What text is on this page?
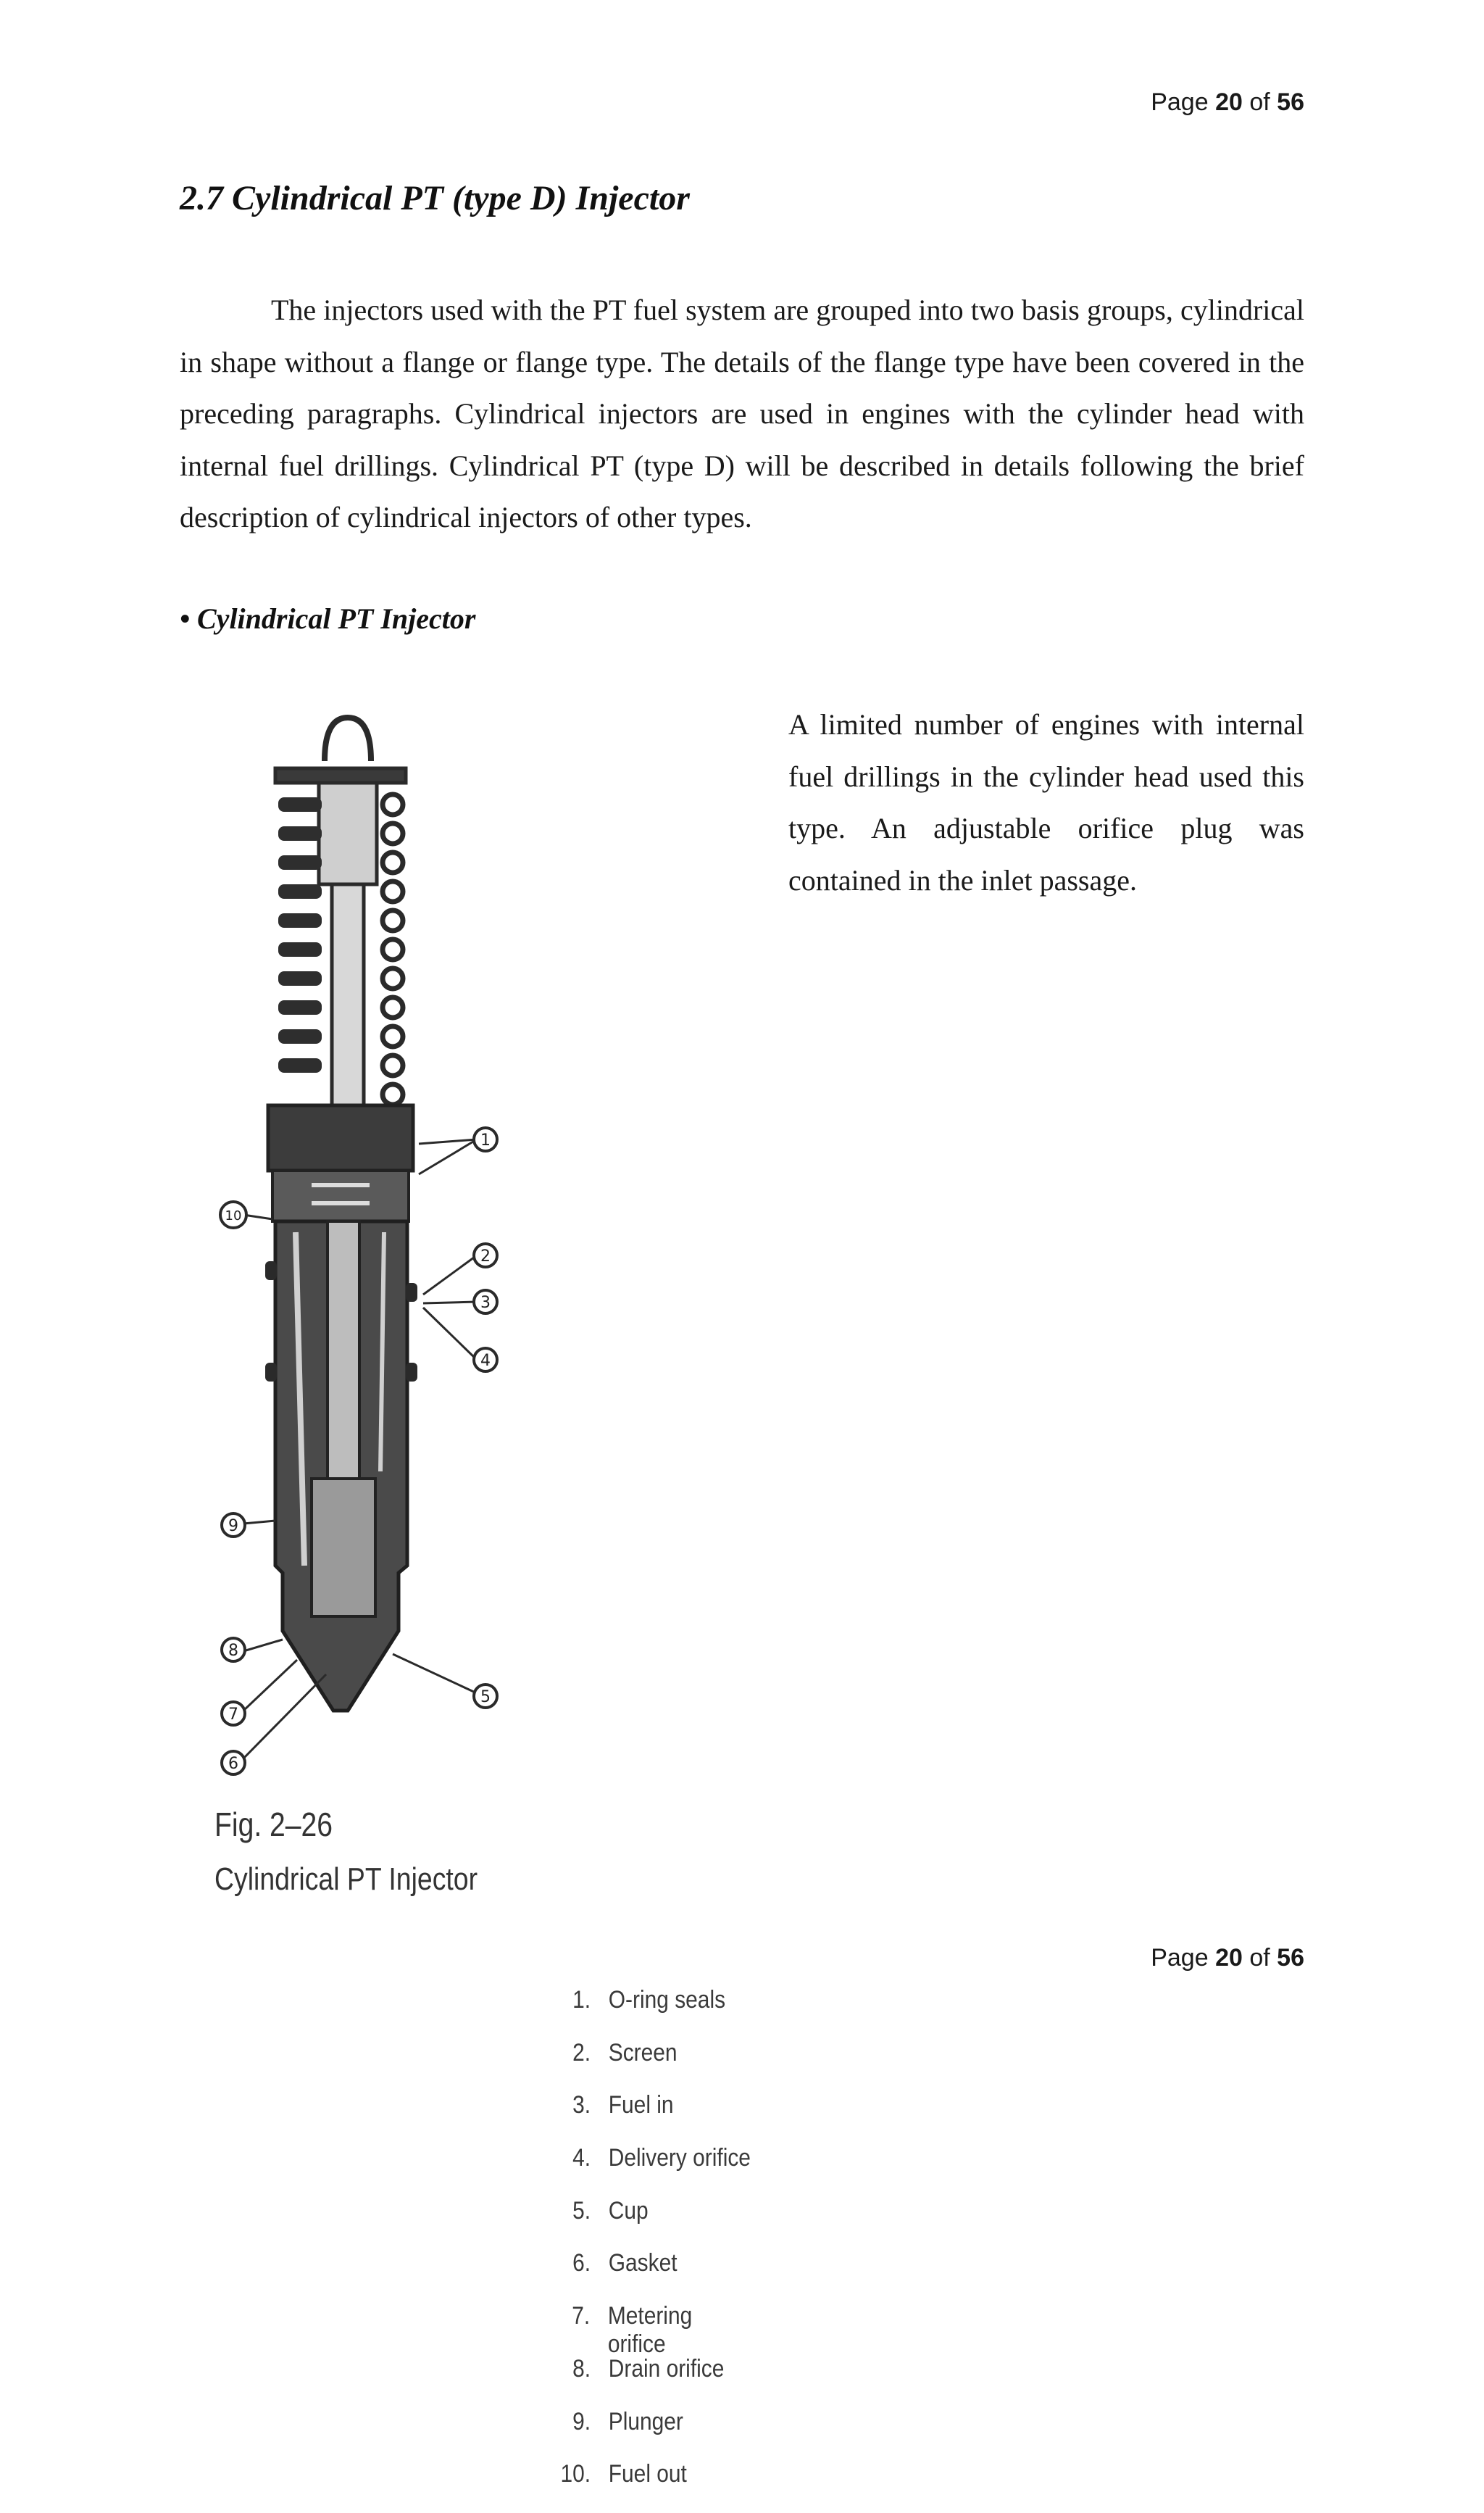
Page 20 of 56
2.7 Cylindrical PT (type D) Injector

The injectors used with the PT fuel system are grouped into two basis groups, cylindrical in shape without a flange or flange type. The details of the flange type have been covered in the preceding paragraphs. Cylindrical injectors are used in engines with the cylinder head with internal fuel drillings. Cylindrical PT (type D) will be described in details following the brief description of cylindrical injectors of other types.

• Cylindrical PT Injector

A limited number of engines with internal fuel drillings in the cylinder head used this type. An adjustable orifice plug was contained in the inlet passage.

1
2
3
4
5
6
7
8
9
10
1. O-ring seals
2. Screen
3. Fuel in
4. Delivery orifice
5. Cup
6. Gasket
7. Metering orifice
8. Drain orifice
9. Plunger
10. Fuel out

Fig. 2–26

Cylindrical PT Injector

Page 20 of 56
